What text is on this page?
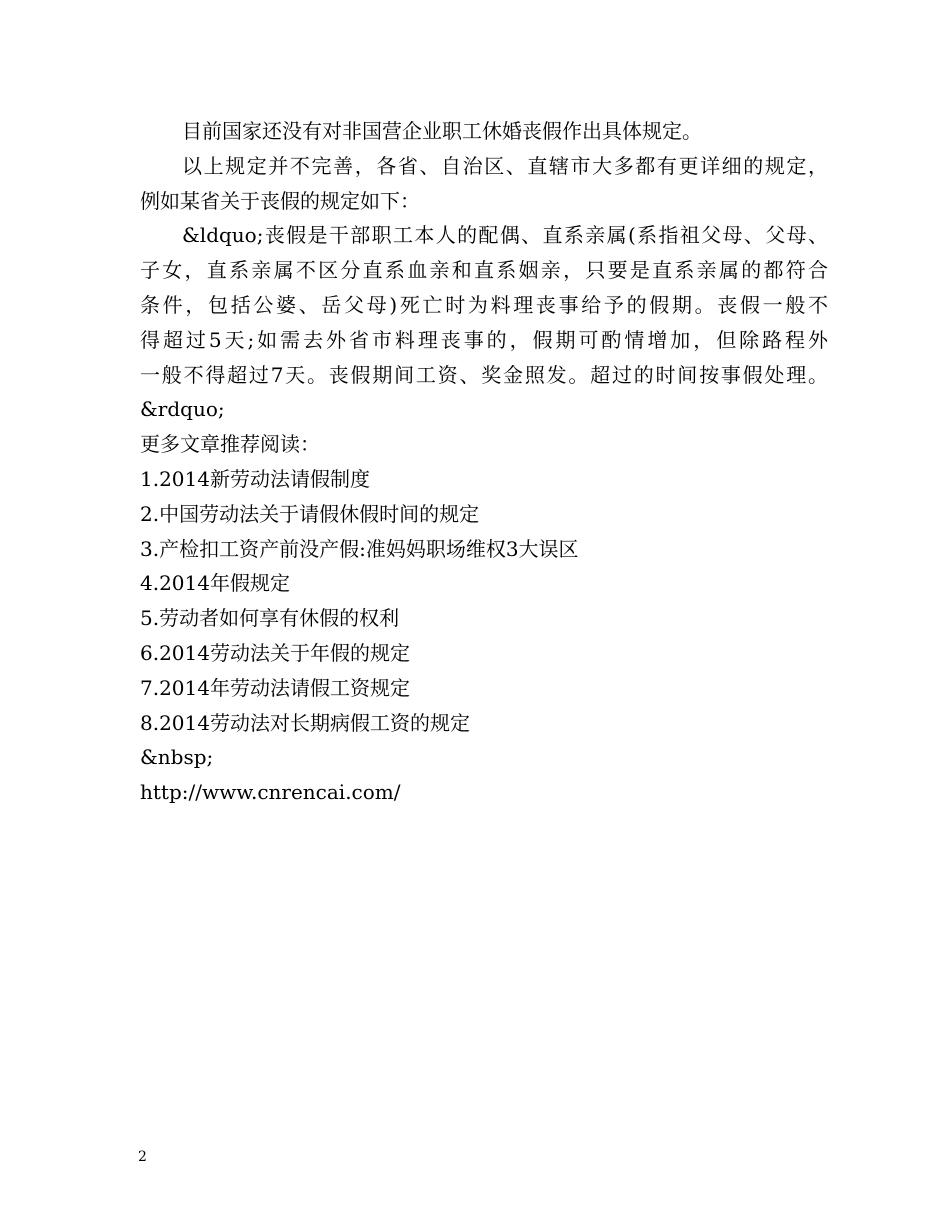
目前国家还没有对非国营企业职工休婚丧假作出具体规定。
以上规定并不完善，各省、自治区、直辖市大多都有更详细的规定，
例如某省关于丧假的规定如下：
&ldquo;丧假是干部职工本人的配偶、直系亲属(系指祖父母、父母、
子女，直系亲属不区分直系血亲和直系姻亲，只要是直系亲属的都符合
条件，包括公婆、岳父母)死亡时为料理丧事给予的假期。丧假一般不
得超过5天;如需去外省市料理丧事的，假期可酌情增加，但除路程外
一般不得超过7天。丧假期间工资、奖金照发。超过的时间按事假处理。
&rdquo;
更多文章推荐阅读：
1.2014新劳动法请假制度
2.中国劳动法关于请假休假时间的规定
3.产检扣工资产前没产假:准妈妈职场维权3大误区
4.2014年假规定
5.劳动者如何享有休假的权利
6.2014劳动法关于年假的规定
7.2014年劳动法请假工资规定
8.2014劳动法对长期病假工资的规定
&nbsp;
http://www.cnrencai.com/
2
